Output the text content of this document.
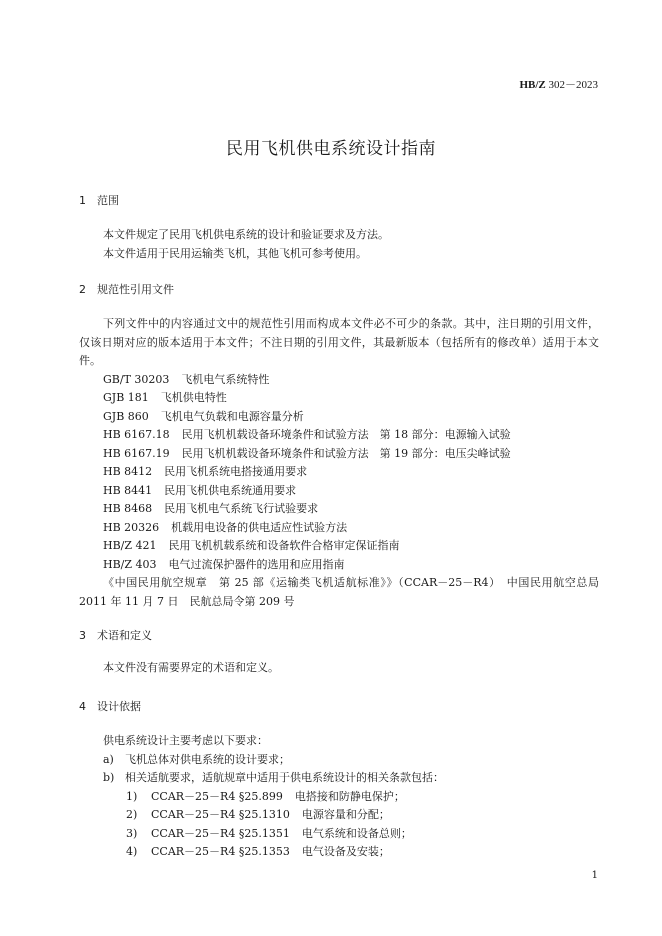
HB/Z 302－2023
民用飞机供电系统设计指南
1 范围
本文件规定了民用飞机供电系统的设计和验证要求及方法。
本文件适用于民用运输类飞机，其他飞机可参考使用。
2 规范性引用文件
下列文件中的内容通过文中的规范性引用而构成本文件必不可少的条款。其中，注日期的引用文件，
仅该日期对应的版本适用于本文件；不注日期的引用文件，其最新版本（包括所有的修改单）适用于本文
件。
GB/T 30203 飞机电气系统特性
GJB 181 飞机供电特性
GJB 860 飞机电气负载和电源容量分析
HB 6167.18 民用飞机机载设备环境条件和试验方法　第 18 部分：电源输入试验
HB 6167.19 民用飞机机载设备环境条件和试验方法　第 19 部分：电压尖峰试验
HB 8412 民用飞机系统电搭接通用要求
HB 8441 民用飞机供电系统通用要求
HB 8468 民用飞机电气系统飞行试验要求
HB 20326 机载用电设备的供电适应性试验方法
HB/Z 421 民用飞机机载系统和设备软件合格审定保证指南
HB/Z 403 电气过流保护器件的选用和应用指南
《中国民用航空规章　第 25 部《运输类飞机适航标准》》（CCAR－25－R4）　中国民用航空总局
2011 年 11 月 7 日　民航总局令第 209 号
3 术语和定义
本文件没有需要界定的术语和定义。
4 设计依据
供电系统设计主要考虑以下要求：
a) 飞机总体对供电系统的设计要求；
b) 相关适航要求，适航规章中适用于供电系统设计的相关条款包括：
1) CCAR－25－R4 §25.899 电搭接和防静电保护；
2) CCAR－25－R4 §25.1310 电源容量和分配；
3) CCAR－25－R4 §25.1351 电气系统和设备总则；
4) CCAR－25－R4 §25.1353 电气设备及安装；
1
